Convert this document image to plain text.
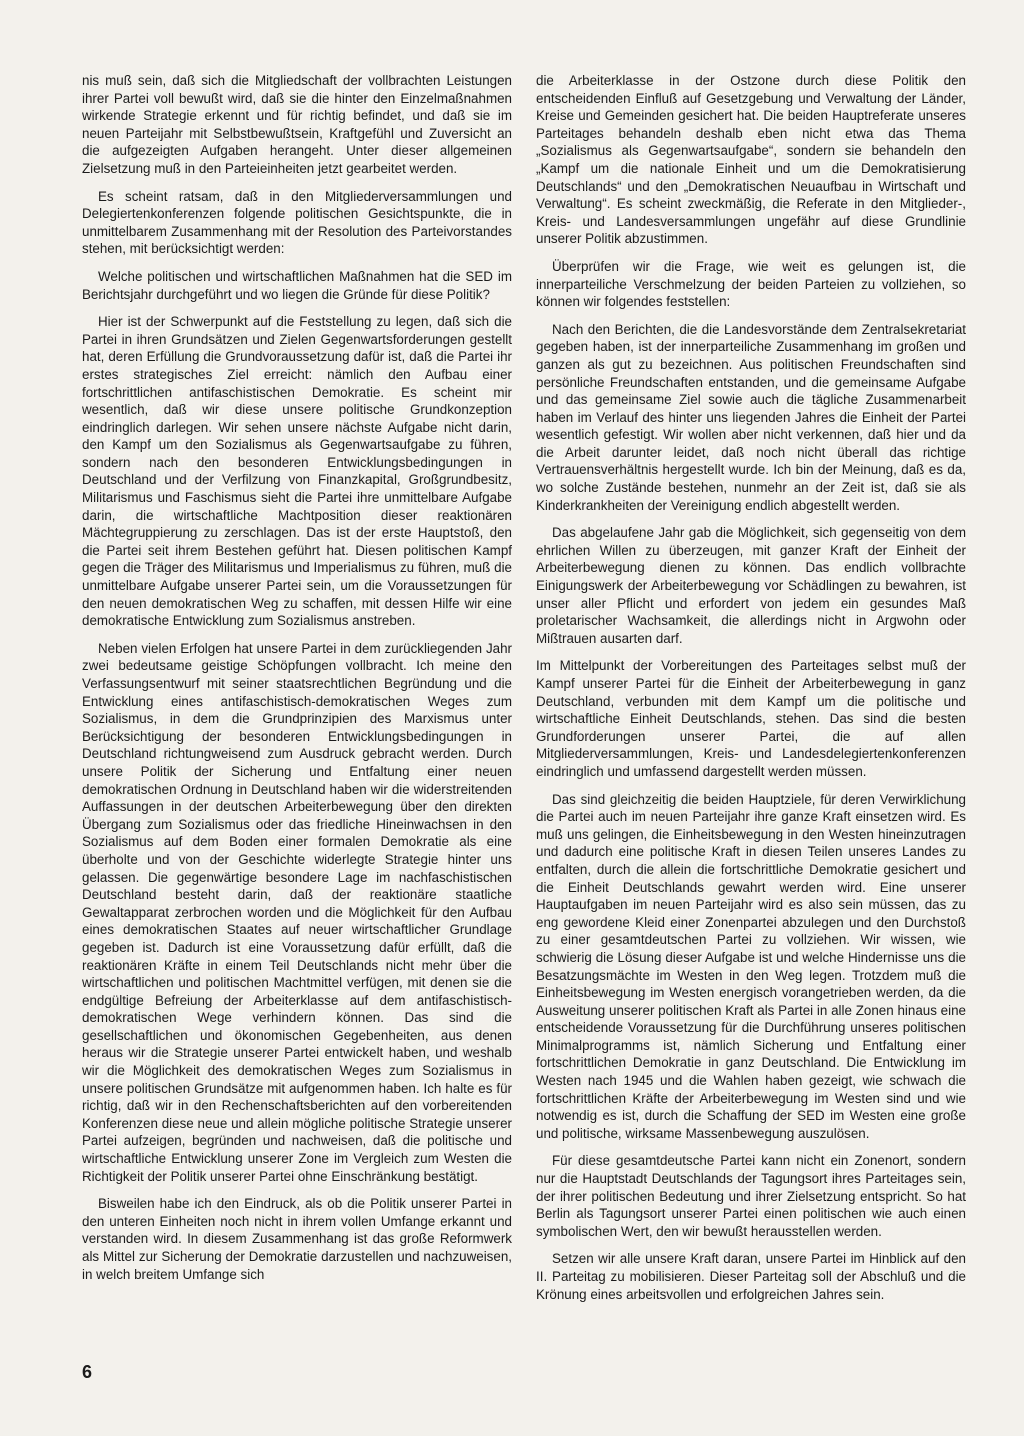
nis muß sein, daß sich die Mitgliedschaft der vollbrachten Leistungen ihrer Partei voll bewußt wird, daß sie die hinter den Einzelmaßnahmen wirkende Strategie erkennt und für richtig befindet, und daß sie im neuen Parteijahr mit Selbstbewußtsein, Kraftgefühl und Zuversicht an die aufgezeigten Aufgaben herangeht. Unter dieser allgemeinen Zielsetzung muß in den Parteieinheiten jetzt gearbeitet werden.

Es scheint ratsam, daß in den Mitgliederversammlungen und Delegiertenkonferenzen folgende politischen Gesichtspunkte, die in unmittelbarem Zusammenhang mit der Resolution des Parteivorstandes stehen, mit berücksichtigt werden:

Welche politischen und wirtschaftlichen Maßnahmen hat die SED im Berichtsjahr durchgeführt und wo liegen die Gründe für diese Politik?

Hier ist der Schwerpunkt auf die Feststellung zu legen, daß sich die Partei in ihren Grundsätzen und Zielen Gegenwartsforderungen gestellt hat, deren Erfüllung die Grundvoraussetzung dafür ist, daß die Partei ihr erstes strategisches Ziel erreicht: nämlich den Aufbau einer fortschrittlichen antifaschistischen Demokratie. Es scheint mir wesentlich, daß wir diese unsere politische Grundkonzeption eindringlich darlegen. Wir sehen unsere nächste Aufgabe nicht darin, den Kampf um den Sozialismus als Gegenwartsaufgabe zu führen, sondern nach den besonderen Entwicklungsbedingungen in Deutschland und der Verfilzung von Finanzkapital, Großgrundbesitz, Militarismus und Faschismus sieht die Partei ihre unmittelbare Aufgabe darin, die wirtschaftliche Machtposition dieser reaktionären Mächtegruppierung zu zerschlagen. Das ist der erste Hauptstoß, den die Partei seit ihrem Bestehen geführt hat. Diesen politischen Kampf gegen die Träger des Militarismus und Imperialismus zu führen, muß die unmittelbare Aufgabe unserer Partei sein, um die Voraussetzungen für den neuen demokratischen Weg zu schaffen, mit dessen Hilfe wir eine demokratische Entwicklung zum Sozialismus anstreben.

Neben vielen Erfolgen hat unsere Partei in dem zurückliegenden Jahr zwei bedeutsame geistige Schöpfungen vollbracht. Ich meine den Verfassungsentwurf mit seiner staatsrechtlichen Begründung und die Entwicklung eines antifaschistisch-demokratischen Weges zum Sozialismus, in dem die Grundprinzipien des Marxismus unter Berücksichtigung der besonderen Entwicklungsbedingungen in Deutschland richtungweisend zum Ausdruck gebracht werden. Durch unsere Politik der Sicherung und Entfaltung einer neuen demokratischen Ordnung in Deutschland haben wir die widerstreitenden Auffassungen in der deutschen Arbeiterbewegung über den direkten Übergang zum Sozialismus oder das friedliche Hineinwachsen in den Sozialismus auf dem Boden einer formalen Demokratie als eine überholte und von der Geschichte widerlegte Strategie hinter uns gelassen. Die gegenwärtige besondere Lage im nachfaschistischen Deutschland besteht darin, daß der reaktionäre staatliche Gewaltapparat zerbrochen worden und die Möglichkeit für den Aufbau eines demokratischen Staates auf neuer wirtschaftlicher Grundlage gegeben ist. Dadurch ist eine Voraussetzung dafür erfüllt, daß die reaktionären Kräfte in einem Teil Deutschlands nicht mehr über die wirtschaftlichen und politischen Machtmittel verfügen, mit denen sie die endgültige Befreiung der Arbeiterklasse auf dem antifaschistisch-demokratischen Wege verhindern können. Das sind die gesellschaftlichen und ökonomischen Gegebenheiten, aus denen heraus wir die Strategie unserer Partei entwickelt haben, und weshalb wir die Möglichkeit des demokratischen Weges zum Sozialismus in unsere politischen Grundsätze mit aufgenommen haben. Ich halte es für richtig, daß wir in den Rechenschaftsberichten auf den vorbereitenden Konferenzen diese neue und allein mögliche politische Strategie unserer Partei aufzeigen, begründen und nachweisen, daß die politische und wirtschaftliche Entwicklung unserer Zone im Vergleich zum Westen die Richtigkeit der Politik unserer Partei ohne Einschränkung bestätigt.

Bisweilen habe ich den Eindruck, als ob die Politik unserer Partei in den unteren Einheiten noch nicht in ihrem vollen Umfange erkannt und verstanden wird. In diesem Zusammenhang ist das große Reformwerk als Mittel zur Sicherung der Demokratie darzustellen und nachzuweisen, in welch breitem Umfange sich

die Arbeiterklasse in der Ostzone durch diese Politik den entscheidenden Einfluß auf Gesetzgebung und Verwaltung der Länder, Kreise und Gemeinden gesichert hat. Die beiden Hauptreferate unseres Parteitages behandeln deshalb eben nicht etwa das Thema „Sozialismus als Gegenwartsaufgabe“, sondern sie behandeln den „Kampf um die nationale Einheit und um die Demokratisierung Deutschlands“ und den „Demokratischen Neuaufbau in Wirtschaft und Verwaltung“. Es scheint zweckmäßig, die Referate in den Mitglieder-, Kreis- und Landesversammlungen ungefähr auf diese Grundlinie unserer Politik abzustimmen.

Überprüfen wir die Frage, wie weit es gelungen ist, die innerparteiliche Verschmelzung der beiden Parteien zu vollziehen, so können wir folgendes feststellen:

Nach den Berichten, die die Landesvorstände dem Zentralsekretariat gegeben haben, ist der innerparteiliche Zusammenhang im großen und ganzen als gut zu bezeichnen. Aus politischen Freundschaften sind persönliche Freundschaften entstanden, und die gemeinsame Aufgabe und das gemeinsame Ziel sowie auch die tägliche Zusammenarbeit haben im Verlauf des hinter uns liegenden Jahres die Einheit der Partei wesentlich gefestigt. Wir wollen aber nicht verkennen, daß hier und da die Arbeit darunter leidet, daß noch nicht überall das richtige Vertrauensverhältnis hergestellt wurde. Ich bin der Meinung, daß es da, wo solche Zustände bestehen, nunmehr an der Zeit ist, daß sie als Kinderkrankheiten der Vereinigung endlich abgestellt werden.

Das abgelaufene Jahr gab die Möglichkeit, sich gegenseitig von dem ehrlichen Willen zu überzeugen, mit ganzer Kraft der Einheit der Arbeiterbewegung dienen zu können. Das endlich vollbrachte Einigungswerk der Arbeiterbewegung vor Schädlingen zu bewahren, ist unser aller Pflicht und erfordert von jedem ein gesundes Maß proletarischer Wachsamkeit, die allerdings nicht in Argwohn oder Mißtrauen ausarten darf.

Im Mittelpunkt der Vorbereitungen des Parteitages selbst muß der Kampf unserer Partei für die Einheit der Arbeiterbewegung in ganz Deutschland, verbunden mit dem Kampf um die politische und wirtschaftliche Einheit Deutschlands, stehen. Das sind die besten Grundforderungen unserer Partei, die auf allen Mitgliederversammlungen, Kreis- und Landesdelegiertenkonferenzen eindringlich und umfassend dargestellt werden müssen.

Das sind gleichzeitig die beiden Hauptziele, für deren Verwirklichung die Partei auch im neuen Parteijahr ihre ganze Kraft einsetzen wird. Es muß uns gelingen, die Einheitsbewegung in den Westen hineinzutragen und dadurch eine politische Kraft in diesen Teilen unseres Landes zu entfalten, durch die allein die fortschrittliche Demokratie gesichert und die Einheit Deutschlands gewahrt werden wird. Eine unserer Hauptaufgaben im neuen Parteijahr wird es also sein müssen, das zu eng gewordene Kleid einer Zonenpartei abzulegen und den Durchstoß zu einer gesamtdeutschen Partei zu vollziehen. Wir wissen, wie schwierig die Lösung dieser Aufgabe ist und welche Hindernisse uns die Besatzungsmächte im Westen in den Weg legen. Trotzdem muß die Einheitsbewegung im Westen energisch vorangetrieben werden, da die Ausweitung unserer politischen Kraft als Partei in alle Zonen hinaus eine entscheidende Voraussetzung für die Durchführung unseres politischen Minimalprogramms ist, nämlich Sicherung und Entfaltung einer fortschrittlichen Demokratie in ganz Deutschland. Die Entwicklung im Westen nach 1945 und die Wahlen haben gezeigt, wie schwach die fortschrittlichen Kräfte der Arbeiterbewegung im Westen sind und wie notwendig es ist, durch die Schaffung der SED im Westen eine große und politische, wirksame Massenbewegung auszulösen.

Für diese gesamtdeutsche Partei kann nicht ein Zonenort, sondern nur die Hauptstadt Deutschlands der Tagungsort ihres Parteitages sein, der ihrer politischen Bedeutung und ihrer Zielsetzung entspricht. So hat Berlin als Tagungsort unserer Partei einen politischen wie auch einen symbolischen Wert, den wir bewußt herausstellen werden.

Setzen wir alle unsere Kraft daran, unsere Partei im Hinblick auf den II. Parteitag zu mobilisieren. Dieser Parteitag soll der Abschluß und die Krönung eines arbeitsvollen und erfolgreichen Jahres sein.

6
